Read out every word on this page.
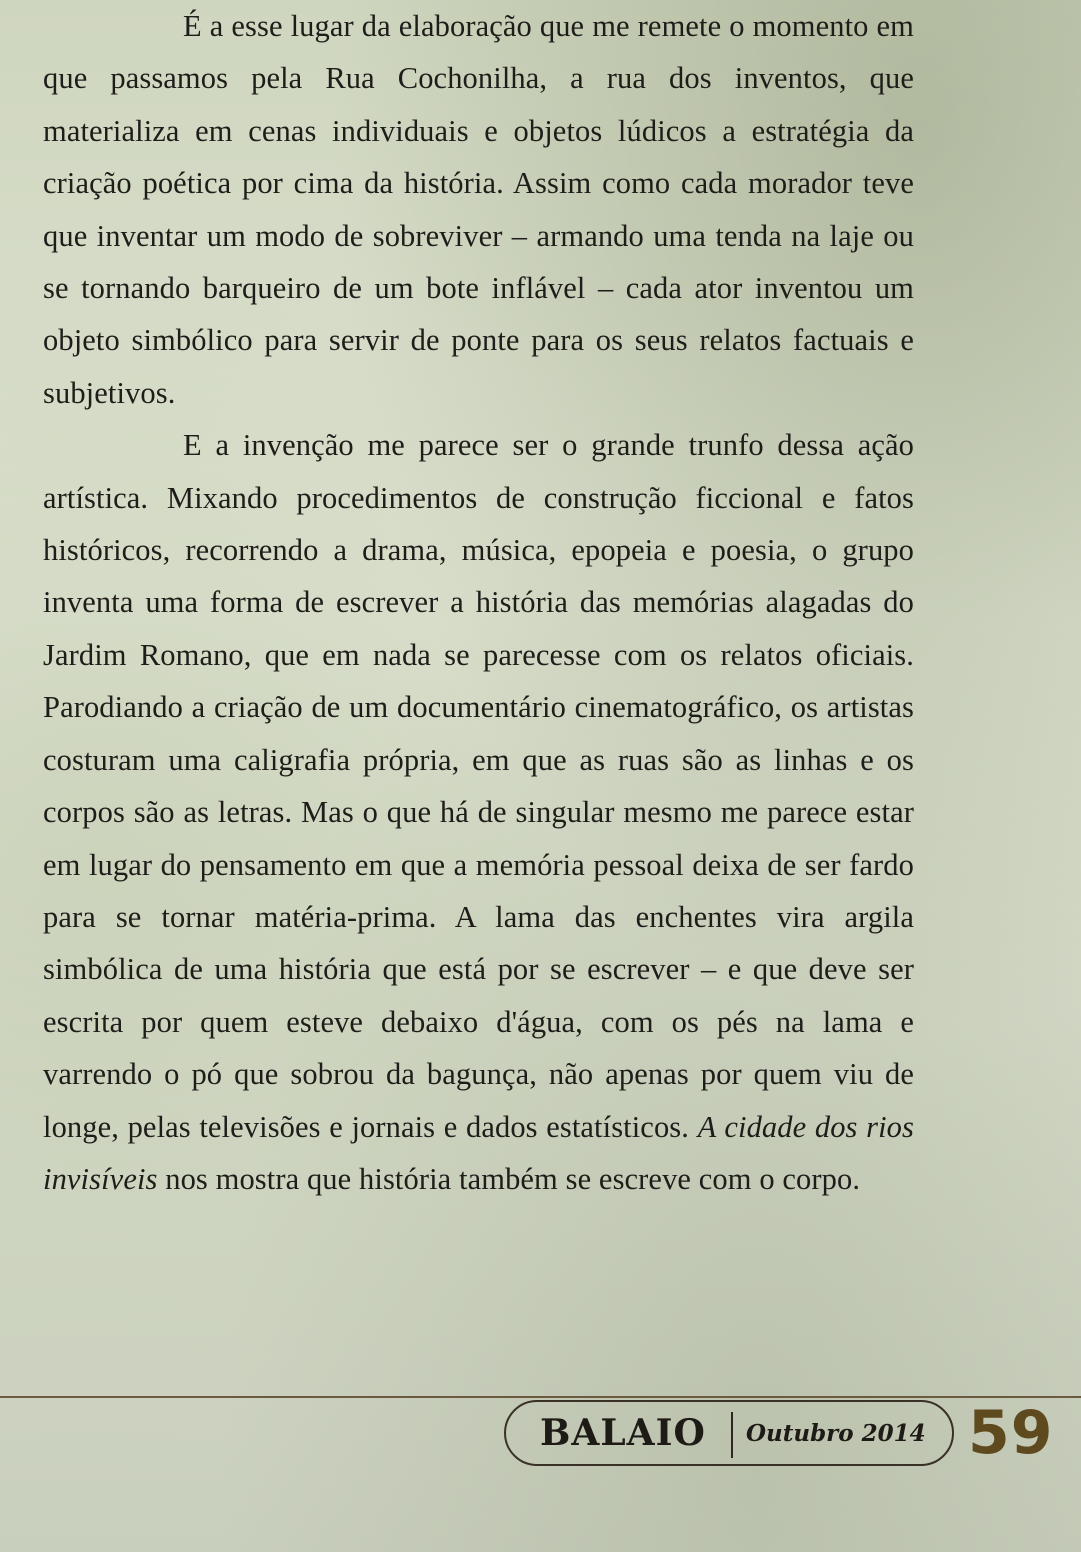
É a esse lugar da elaboração que me remete o momento em que passamos pela Rua Cochonilha, a rua dos inventos, que materializa em cenas individuais e objetos lúdicos a estratégia da criação poética por cima da história. Assim como cada morador teve que inventar um modo de sobreviver – armando uma tenda na laje ou se tornando barqueiro de um bote inflável – cada ator inventou um objeto simbólico para servir de ponte para os seus relatos factuais e subjetivos.

E a invenção me parece ser o grande trunfo dessa ação artística. Mixando procedimentos de construção ficcional e fatos históricos, recorrendo a drama, música, epopeia e poesia, o grupo inventa uma forma de escrever a história das memórias alagadas do Jardim Romano, que em nada se parecesse com os relatos oficiais. Parodiando a criação de um documentário cinematográfico, os artistas costuram uma caligrafia própria, em que as ruas são as linhas e os corpos são as letras. Mas o que há de singular mesmo me parece estar em lugar do pensamento em que a memória pessoal deixa de ser fardo para se tornar matéria-prima. A lama das enchentes vira argila simbólica de uma história que está por se escrever – e que deve ser escrita por quem esteve debaixo d'água, com os pés na lama e varrendo o pó que sobrou da bagunça, não apenas por quem viu de longe, pelas televisões e jornais e dados estatísticos. A cidade dos rios invisíveis nos mostra que história também se escreve com o corpo.

BALAIO Outubro 2014 59
